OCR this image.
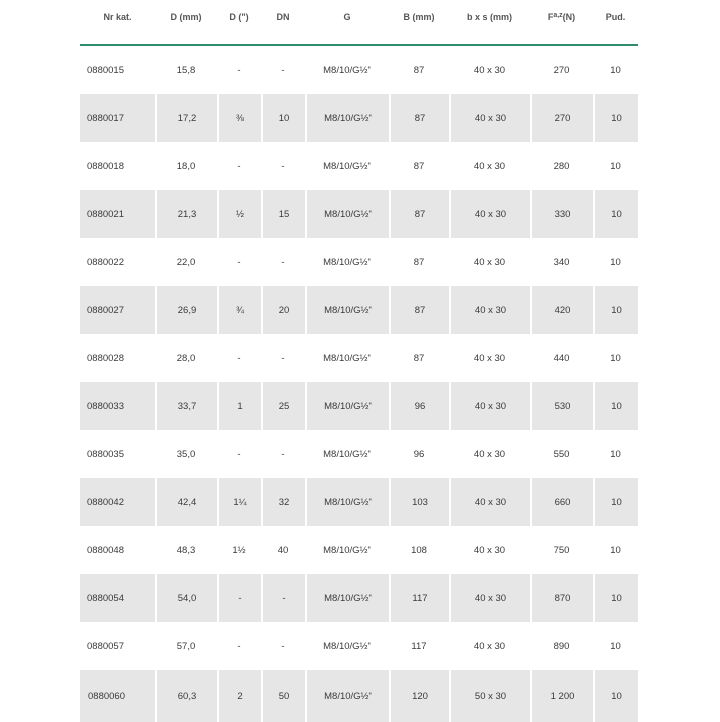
Nr kat.	D (mm)	D (")	DN	G	B (mm)	b x s (mm)	F a,z (N)	Pud.
0880015	15,8	-	-	M8/10/G½"	87	40 x 30	270	10
0880017	17,2	⅜	10	M8/10/G½"	87	40 x 30	270	10
0880018	18,0	-	-	M8/10/G½"	87	40 x 30	280	10
0880021	21,3	½	15	M8/10/G½"	87	40 x 30	330	10
0880022	22,0	-	-	M8/10/G½"	87	40 x 30	340	10
0880027	26,9	¾	20	M8/10/G½"	87	40 x 30	420	10
0880028	28,0	-	-	M8/10/G½"	87	40 x 30	440	10
0880033	33,7	1	25	M8/10/G½"	96	40 x 30	530	10
0880035	35,0	-	-	M8/10/G½"	96	40 x 30	550	10
0880042	42,4	1¼	32	M8/10/G½"	103	40 x 30	660	10
0880048	48,3	1½	40	M8/10/G½"	108	40 x 30	750	10
0880054	54,0	-	-	M8/10/G½"	117	40 x 30	870	10
0880057	57,0	-	-	M8/10/G½"	117	40 x 30	890	10
0880060	60,3	2	50	M8/10/G½"	120	50 x 30	1 200	10
